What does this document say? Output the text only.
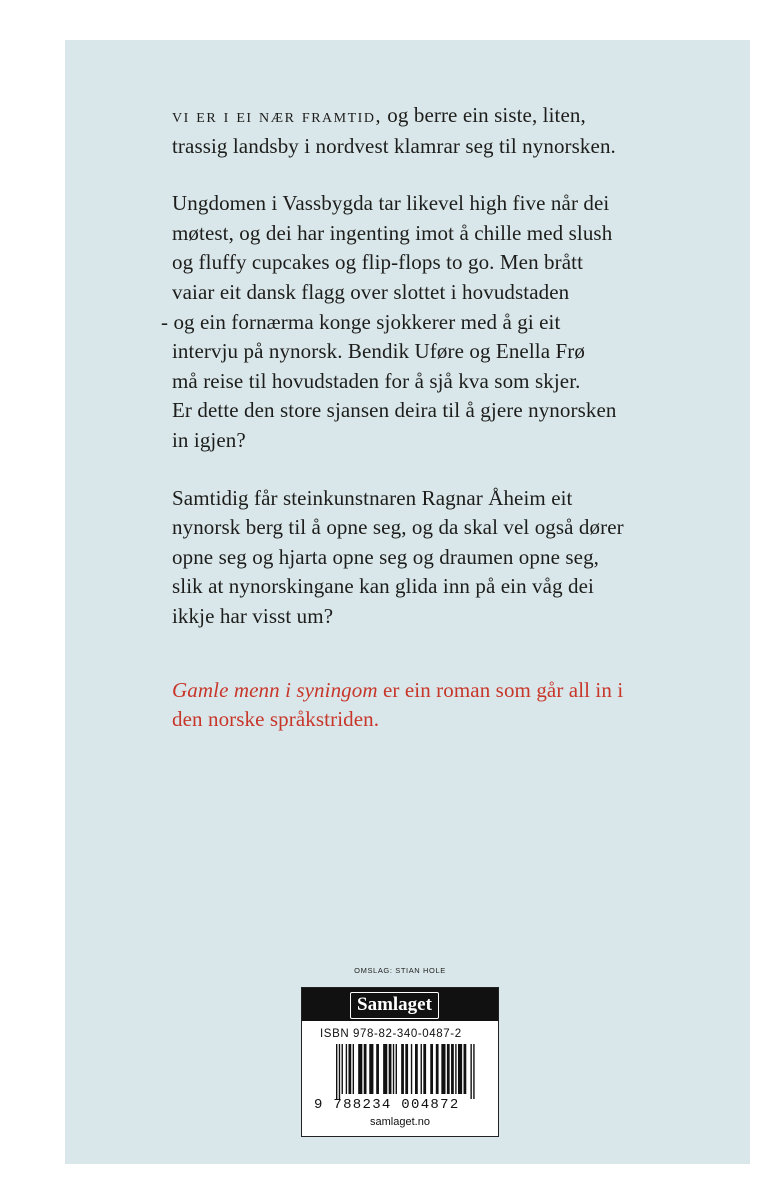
vi er i ei nær framtid, og berre ein siste, liten,
trassig landsby i nordvest klamrar seg til nynorsken.

Ungdomen i Vassbygda tar likevel high five når dei
møtest, og dei har ingenting imot å chille med slush
og fluffy cupcakes og flip-flops to go. Men brått
vaiar eit dansk flagg over slottet i hovudstaden
- og ein fornærma konge sjokkerer med å gi eit
intervju på nynorsk. Bendik Uføre og Enella Frø
må reise til hovudstaden for å sjå kva som skjer.
Er dette den store sjansen deira til å gjere nynorsken
in igjen?

Samtidig får steinkunstnaren Ragnar Åheim eit
nynorsk berg til å opne seg, og da skal vel også dører
opne seg og hjarta opne seg og draumen opne seg,
slik at nynorskingane kan glida inn på ein våg dei
ikkje har visst um?

Gamle menn i syningom er ein roman som går all in i
den norske språkstriden.

OMSLAG: STIAN HOLE
Samlaget
ISBN 978-82-340-0487-2
9 788234 004872
samlaget.no
